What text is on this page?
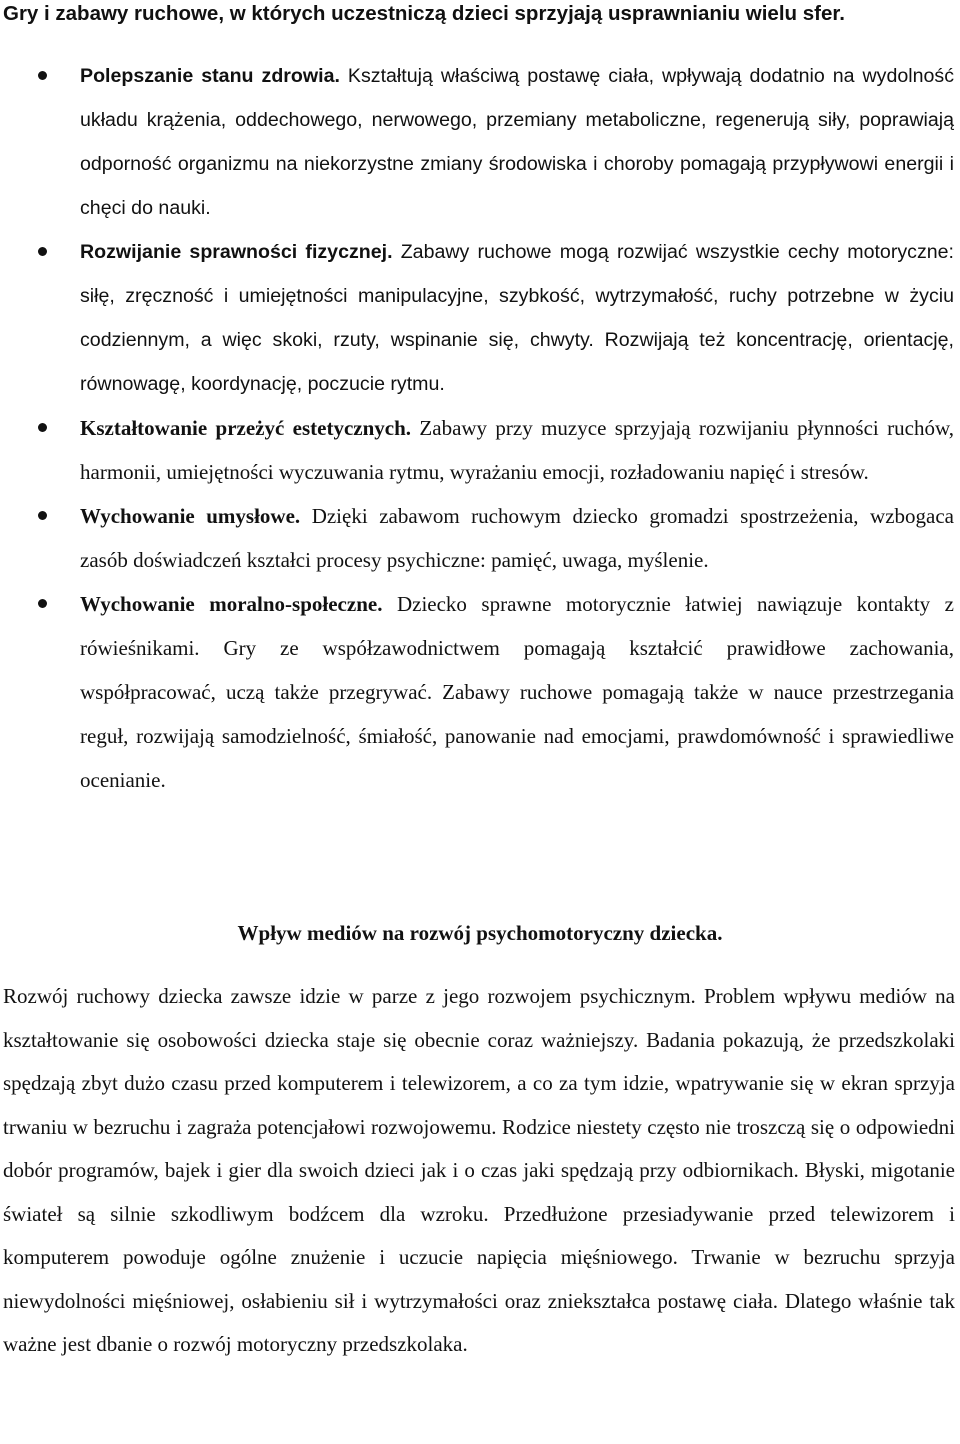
Gry i zabawy ruchowe, w których uczestniczą dzieci sprzyjają usprawnianiu wielu sfer.
Polepszanie stanu zdrowia. Kształtują właściwą postawę ciała, wpływają dodatnio na wydolność układu krążenia, oddechowego, nerwowego, przemiany metaboliczne, regenerują siły, poprawiają odporność organizmu na niekorzystne zmiany środowiska i choroby pomagają przypływowi energii i chęci do nauki.
Rozwijanie sprawności fizycznej. Zabawy ruchowe mogą rozwijać wszystkie cechy motoryczne: siłę, zręczność i umiejętności manipulacyjne, szybkość, wytrzymałość, ruchy potrzebne w życiu codziennym, a więc skoki, rzuty, wspinanie się, chwyty. Rozwijają też koncentrację, orientację, równowagę, koordynację, poczucie rytmu.
Kształtowanie przeżyć estetycznych. Zabawy przy muzyce sprzyjają rozwijaniu płynności ruchów, harmonii, umiejętności wyczuwania rytmu, wyrażaniu emocji, rozładowaniu napięć i stresów.
Wychowanie umysłowe. Dzięki zabawom ruchowym dziecko gromadzi spostrzeżenia, wzbogaca zasób doświadczeń kształci procesy psychiczne: pamięć, uwaga, myślenie.
Wychowanie moralno-społeczne. Dziecko sprawne motorycznie łatwiej nawiązuje kontakty z rówieśnikami. Gry ze współzawodnictwem pomagają kształcić prawidłowe zachowania, współpracować, uczą także przegrywać. Zabawy ruchowe pomagają także w nauce przestrzegania reguł, rozwijają samodzielność, śmiałość, panowanie nad emocjami, prawdomówność i sprawiedliwe ocenianie.
Wpływ mediów na rozwój psychomotoryczny dziecka.

Rozwój ruchowy dziecka zawsze idzie w parze z jego rozwojem psychicznym. Problem wpływu mediów na kształtowanie się osobowości dziecka staje się obecnie coraz ważniejszy. Badania pokazują, że przedszkolaki spędzają zbyt dużo czasu przed komputerem i telewizorem, a co za tym idzie, wpatrywanie się w ekran sprzyja trwaniu w bezruchu i zagraża potencjałowi rozwojowemu. Rodzice niestety często nie troszczą się o odpowiedni dobór programów, bajek i gier dla swoich dzieci jak i o czas jaki spędzają przy odbiornikach. Błyski, migotanie świateł są silnie szkodliwym bodźcem dla wzroku. Przedłużone przesiadywanie przed telewizorem i komputerem powoduje ogólne znużenie i uczucie napięcia mięśniowego. Trwanie w bezruchu sprzyja niewydolności mięśniowej, osłabieniu sił i wytrzymałości oraz zniekształca postawę ciała. Dlatego właśnie tak ważne jest dbanie o rozwój motoryczny przedszkolaka.
